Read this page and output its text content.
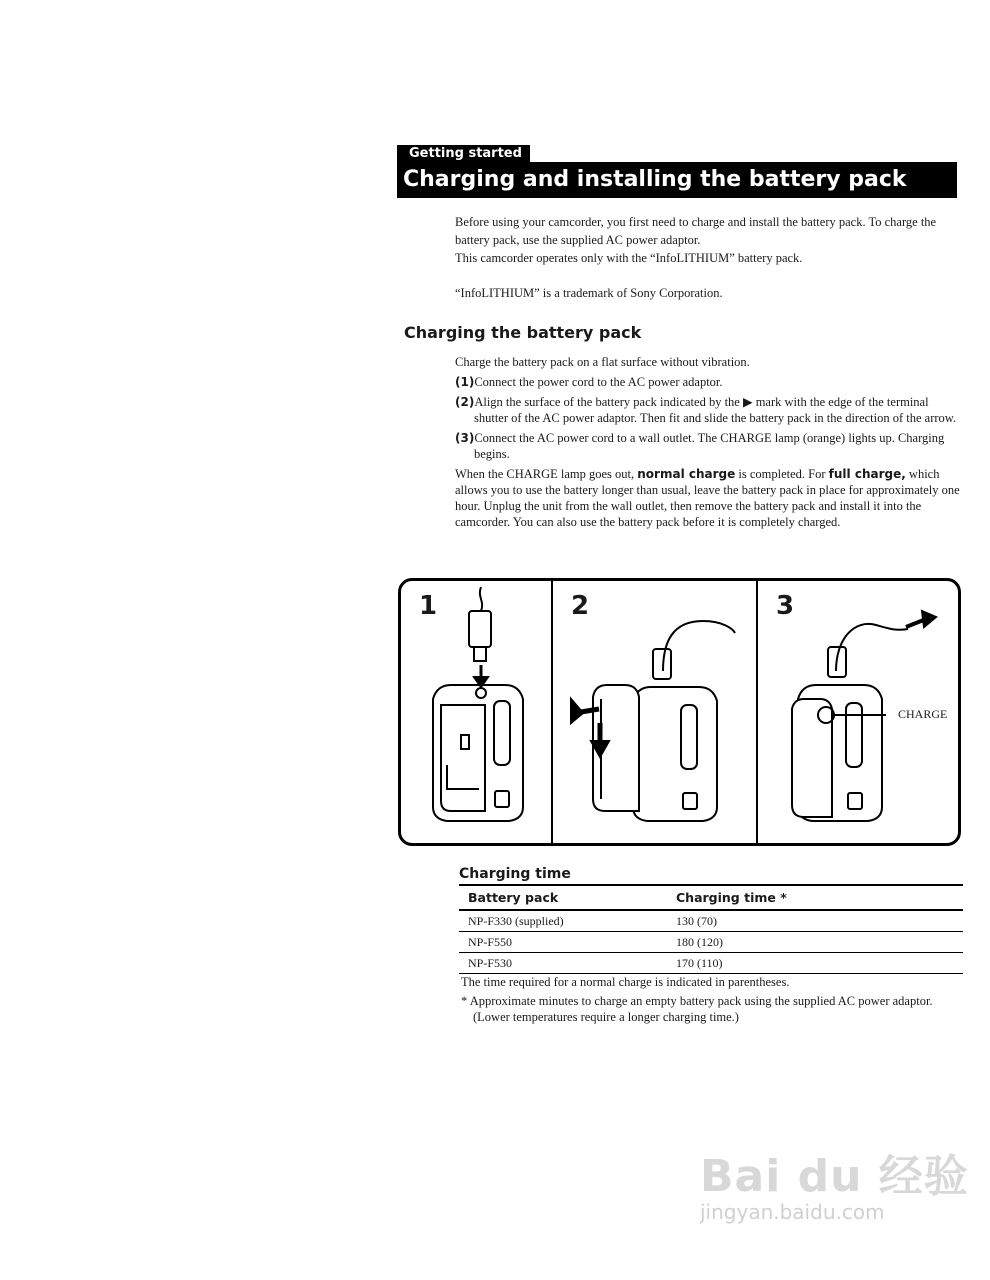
Getting started
Charging and installing the battery pack

Before using your camcorder, you first need to charge and install the battery pack. To charge the battery pack, use the supplied AC power adaptor.

This camcorder operates only with the “InfoLITHIUM” battery pack.

“InfoLITHIUM” is a trademark of Sony Corporation.
Charging the battery pack

Charge the battery pack on a flat surface without vibration.

(1)Connect the power cord to the AC power adaptor.

(2)Align the surface of the battery pack indicated by the ▶ mark with the edge of the terminal shutter of the AC power adaptor. Then fit and slide the battery pack in the direction of the arrow.

(3)Connect the AC power cord to a wall outlet. The CHARGE lamp (orange) lights up. Charging begins.

When the CHARGE lamp goes out, normal charge is completed. For full charge, which allows you to use the battery longer than usual, leave the battery pack in place for approximately one hour. Unplug the unit from the wall outlet, then remove the battery pack and install it into the camcorder. You can also use the battery pack before it is completely charged.

1	2	3
CHARGE
Charging time
Battery pack	Charging time *
NP-F330 (supplied)	130 (70)
NP-F550	180 (120)
NP-F530	170 (110)

The time required for a normal charge is indicated in parentheses.

* Approximate minutes to charge an empty battery pack using the supplied AC power adaptor. (Lower temperatures require a longer charging time.)

Bai du 经验
jingyan.baidu.com
